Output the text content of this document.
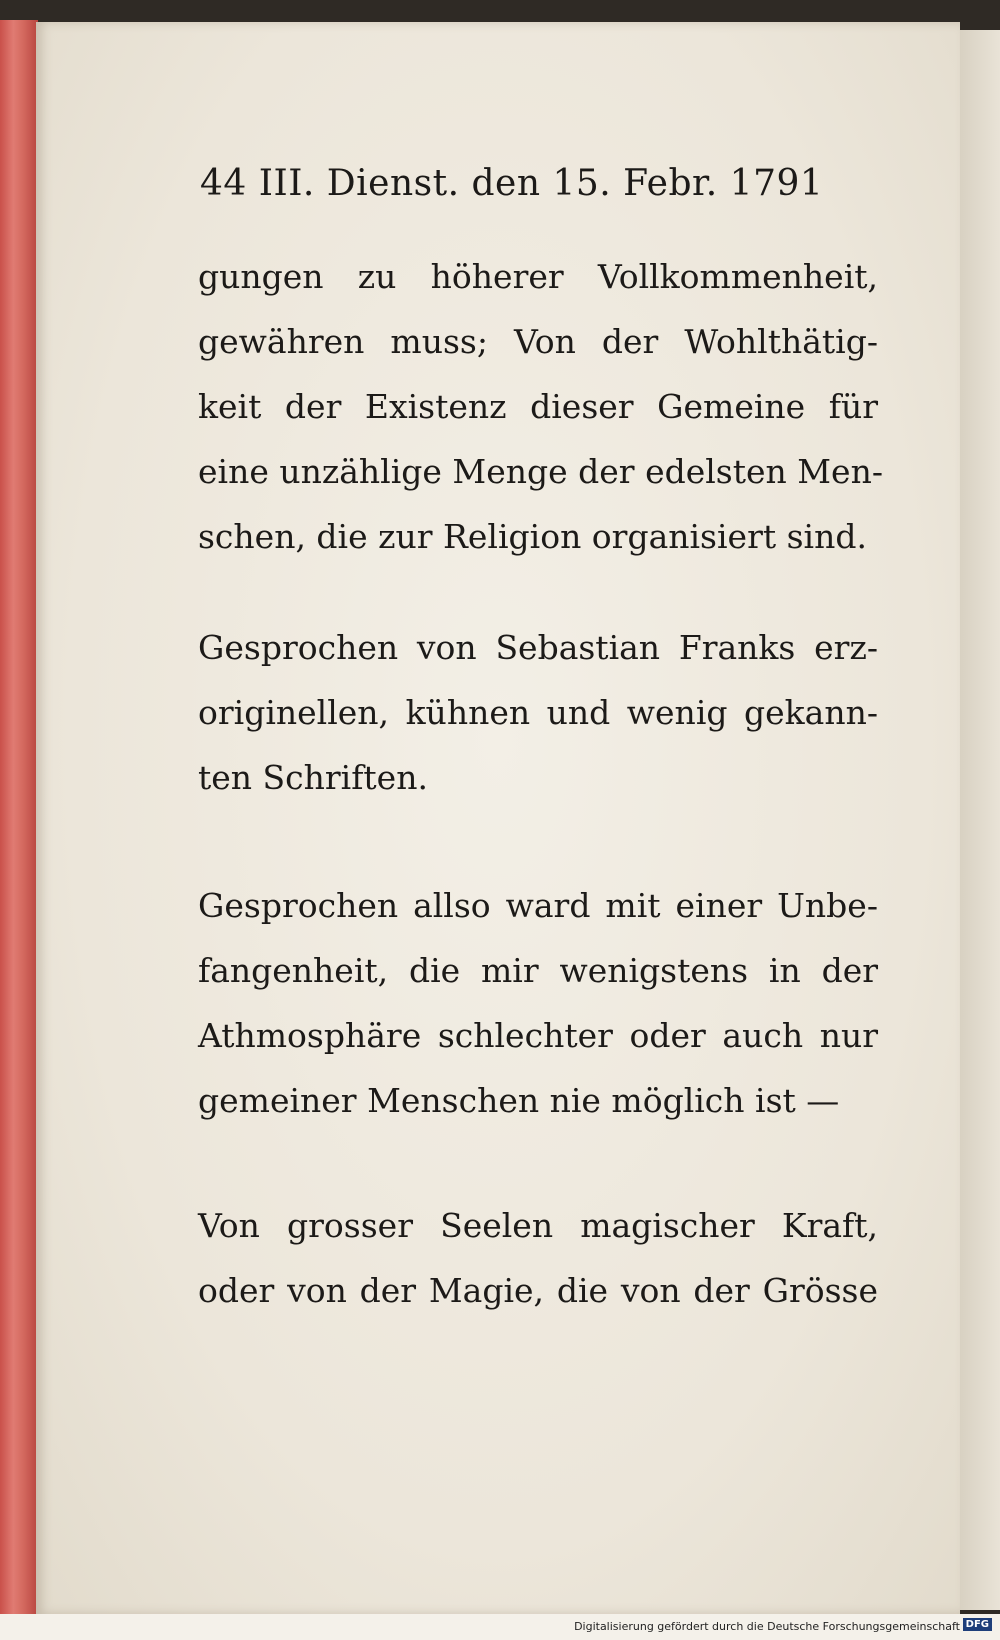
44 III. Dienst. den 15. Febr. 1791
gungen zu höherer Vollkommenheit,
gewähren muss; Von der Wohlthätig-
keit der Existenz dieser Gemeine für
eine unzählige Menge der edelsten Men-
schen, die zur Religion organisiert sind.
Gesprochen von Sebastian Franks erz-
originellen, kühnen und wenig gekann-
ten Schriften.
Gesprochen allso ward mit einer Unbe-
fangenheit, die mir wenigstens in der
Athmosphäre schlechter oder auch nur
gemeiner Menschen nie möglich ist —
Von grosser Seelen magischer Kraft,
oder von der Magie, die von der Grösse
Digitalisierung gefördert durch die Deutsche Forschungsgemeinschaft DFG
